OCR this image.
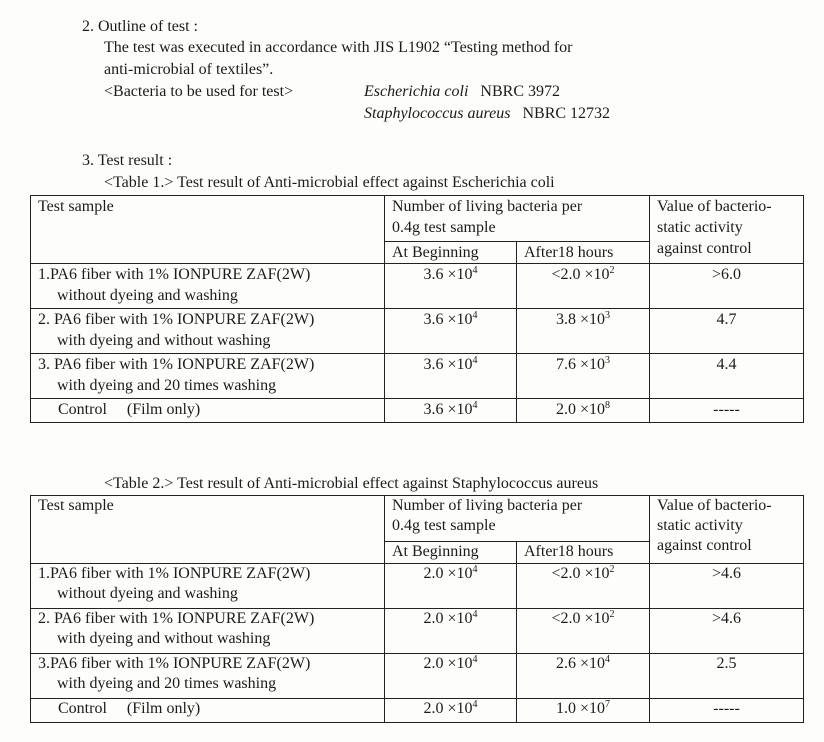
2. Outline of test :
The test was executed in accordance with JIS L1902 “Testing method for
anti-microbial of textiles”.
<Bacteria to be used for test>	Escherichia coli NBRC 3972
Staphylococcus aureus NBRC 12732
3. Test result :
<Table 1.> Test result of Anti-microbial effect against Escherichia coli
Test sample	Number of living bacteria per
0.4g test sample		Value of bacterio-
static activity
against control
	At Beginning	After18 hours	
1.PA6 fiber with 1% IONPURE ZAF(2W)
without dyeing and washing	$3.6 \times 10^4$	$<2.0 \times 10^2$	>6.0
2. PA6 fiber with 1% IONPURE ZAF(2W)
with dyeing and without washing	$3.6 \times 10^4$	$3.8 \times 10^3$	4.7
3. PA6 fiber with 1% IONPURE ZAF(2W)
with dyeing and 20 times washing	$3.6 \times 10^4$	$7.6 \times 10^3$	4.4
Control (Film only)	$3.6 \times 10^4$	$2.0 \times 10^8$	-----
<Table 2.> Test result of Anti-microbial effect against Staphylococcus aureus
Test sample	Number of living bacteria per
0.4g test sample		Value of bacterio-
static activity
against control
	At Beginning	After18 hours	
1.PA6 fiber with 1% IONPURE ZAF(2W)
without dyeing and washing	$2.0 \times 10^4$	$<2.0 \times 10^2$	>4.6
2. PA6 fiber with 1% IONPURE ZAF(2W)
with dyeing and without washing	$2.0 \times 10^4$	$<2.0 \times 10^2$	>4.6
3.PA6 fiber with 1% IONPURE ZAF(2W)
with dyeing and 20 times washing	$2.0 \times 10^4$	$2.6 \times 10^4$	2.5
Control (Film only)	$2.0 \times 10^4$	$1.0 \times 10^7$	-----
